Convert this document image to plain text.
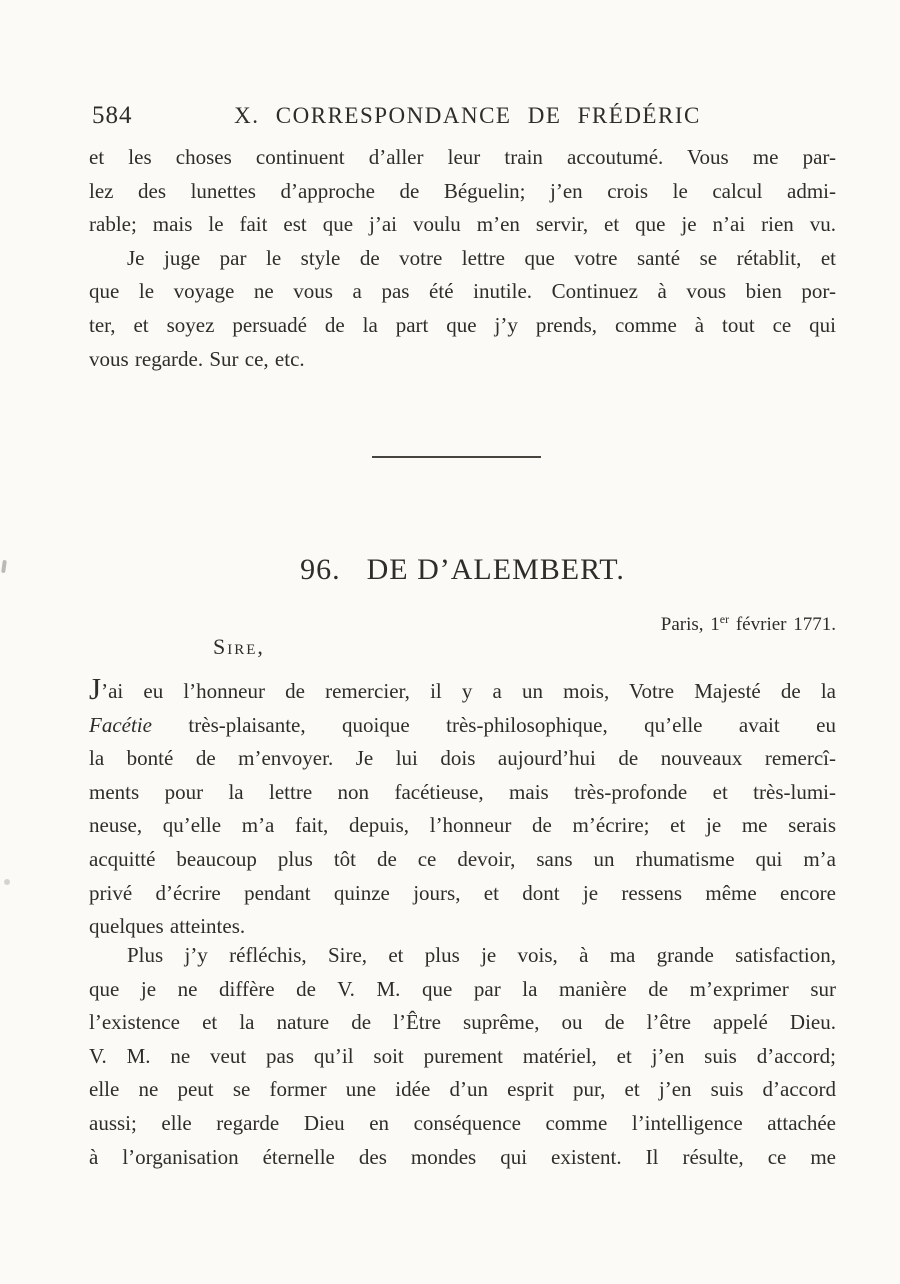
584	X. CORRESPONDANCE DE FRÉDÉRIC
et les choses continuent d’aller leur train accoutumé. Vous me par-
lez des lunettes d’approche de Béguelin; j’en crois le calcul admi-
rable; mais le fait est que j’ai voulu m’en servir, et que je n’ai rien vu.
Je juge par le style de votre lettre que votre santé se rétablit, et
que le voyage ne vous a pas été inutile. Continuez à vous bien por-
ter, et soyez persuadé de la part que j’y prends, comme à tout ce qui
vous regarde. Sur ce, etc.
96. DE D’ALEMBERT.
Paris, 1er février 1771.
Sire,
J’ai eu l’honneur de remercier, il y a un mois, Votre Majesté de la
Facétie très-plaisante, quoique très-philosophique, qu’elle avait eu
la bonté de m’envoyer. Je lui dois aujourd’hui de nouveaux remercî-
ments pour la lettre non facétieuse, mais très-profonde et très-lumi-
neuse, qu’elle m’a fait, depuis, l’honneur de m’écrire; et je me serais
acquitté beaucoup plus tôt de ce devoir, sans un rhumatisme qui m’a
privé d’écrire pendant quinze jours, et dont je ressens même encore
quelques atteintes.
Plus j’y réfléchis, Sire, et plus je vois, à ma grande satisfaction,
que je ne diffère de V. M. que par la manière de m’exprimer sur
l’existence et la nature de l’Être suprême, ou de l’être appelé Dieu.
V. M. ne veut pas qu’il soit purement matériel, et j’en suis d’accord;
elle ne peut se former une idée d’un esprit pur, et j’en suis d’accord
aussi; elle regarde Dieu en conséquence comme l’intelligence attachée
à l’organisation éternelle des mondes qui existent. Il résulte, ce me
